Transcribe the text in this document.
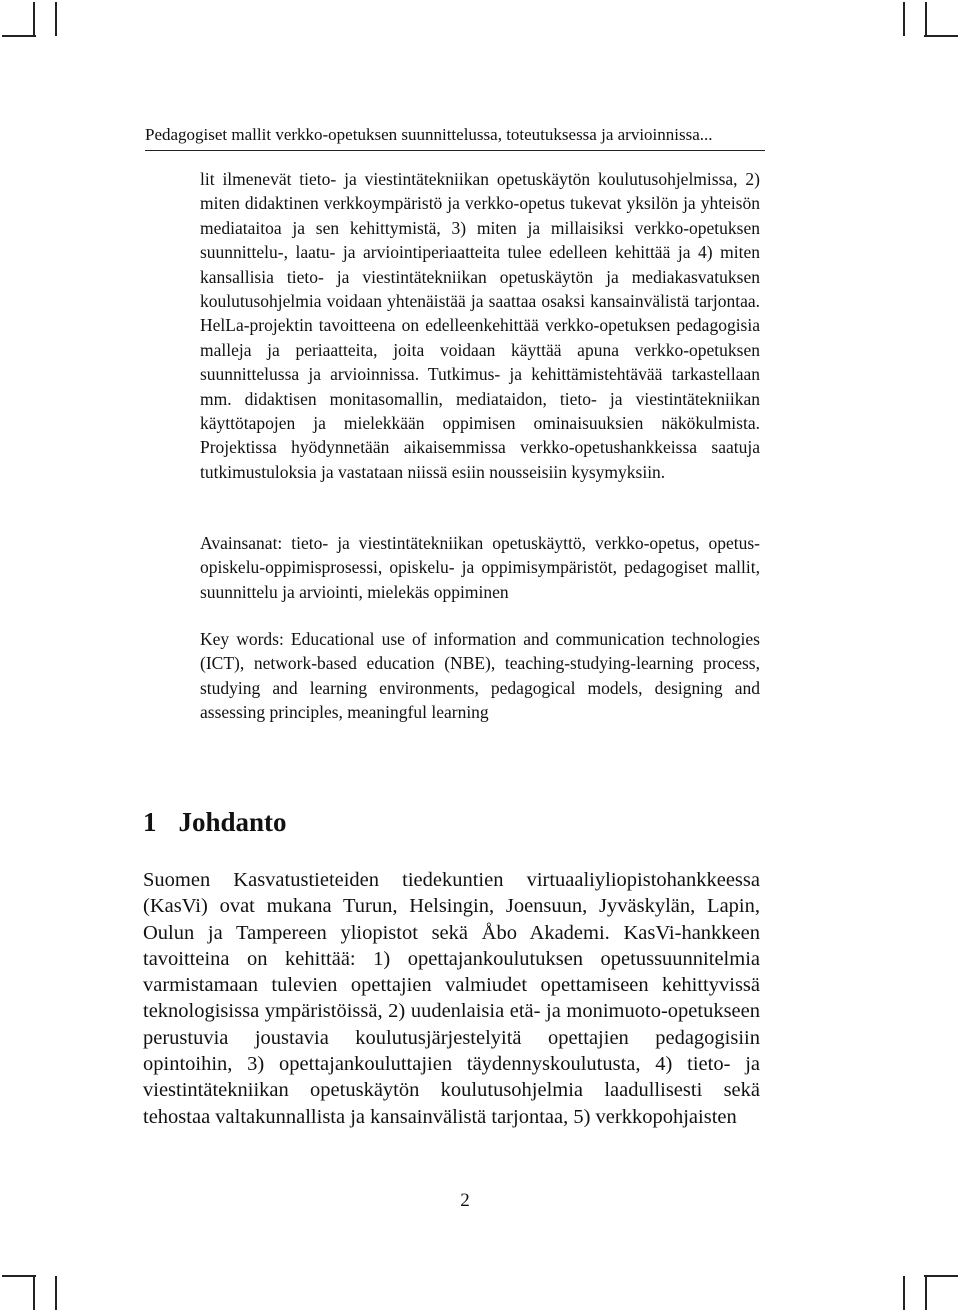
Pedagogiset mallit verkko-opetuksen suunnittelussa, toteutuksessa ja arvioinnissa...

lit ilmenevät tieto- ja viestintätekniikan opetuskäytön koulutusohjelmissa, 2) miten didaktinen verkkoympäristö ja verkko-opetus tukevat yksilön ja yhteisön mediataitoa ja sen kehittymistä, 3) miten ja millaisiksi verkko-opetuksen suunnittelu-, laatu- ja arviointiperiaatteita tulee edelleen kehittää ja 4) miten kansallisia tieto- ja viestintätekniikan opetuskäytön ja mediakasvatuksen koulutusohjelmia voidaan yhtenäistää ja saattaa osaksi kansainvälistä tarjontaa. HelLa-projektin tavoitteena on edelleenkehittää verkko-opetuksen pedagogisia malleja ja periaatteita, joita voidaan käyttää apuna verkko-opetuksen suunnittelussa ja arvioinnissa. Tutkimus- ja kehittämistehtävää tarkastellaan mm. didaktisen monitasomallin, mediataidon, tieto- ja viestintätekniikan käyttötapojen ja mielekkään oppimisen ominaisuuksien näkökulmista. Projektissa hyödynnetään aikaisemmissa verkko-opetushankkeissa saatuja tutkimustuloksia ja vastataan niissä esiin nousseisiin kysymyksiin.

Avainsanat: tieto- ja viestintätekniikan opetuskäyttö, verkko-opetus, opetus-opiskelu-oppimisprosessi, opiskelu- ja oppimisympäristöt, pedagogiset mallit, suunnittelu ja arviointi, mielekäs oppiminen

Key words: Educational use of information and communication technologies (ICT), network-based education (NBE), teaching-studying-learning process, studying and learning environments, pedagogical models, designing and assessing principles, meaningful learning

1 Johdanto

Suomen Kasvatustieteiden tiedekuntien virtuaaliyliopistohankkeessa (KasVi) ovat mukana Turun, Helsingin, Joensuun, Jyväskylän, Lapin, Oulun ja Tampereen yliopistot sekä Åbo Akademi. KasVi-hankkeen tavoitteina on kehittää: 1) opettajankoulutuksen opetussuunnitelmia varmistamaan tulevien opettajien valmiudet opettamiseen kehittyvissä teknologisissa ympäristöissä, 2) uudenlaisia etä- ja monimuoto-opetukseen perustuvia joustavia koulutusjärjestelyitä opettajien pedagogisiin opintoihin, 3) opettajankouluttajien täydennyskoulutusta, 4) tieto- ja viestintätekniikan opetuskäytön koulutusohjelmia laadullisesti sekä tehostaa valtakunnallista ja kansainvälistä tarjontaa, 5) verkkopohjaisten

2
